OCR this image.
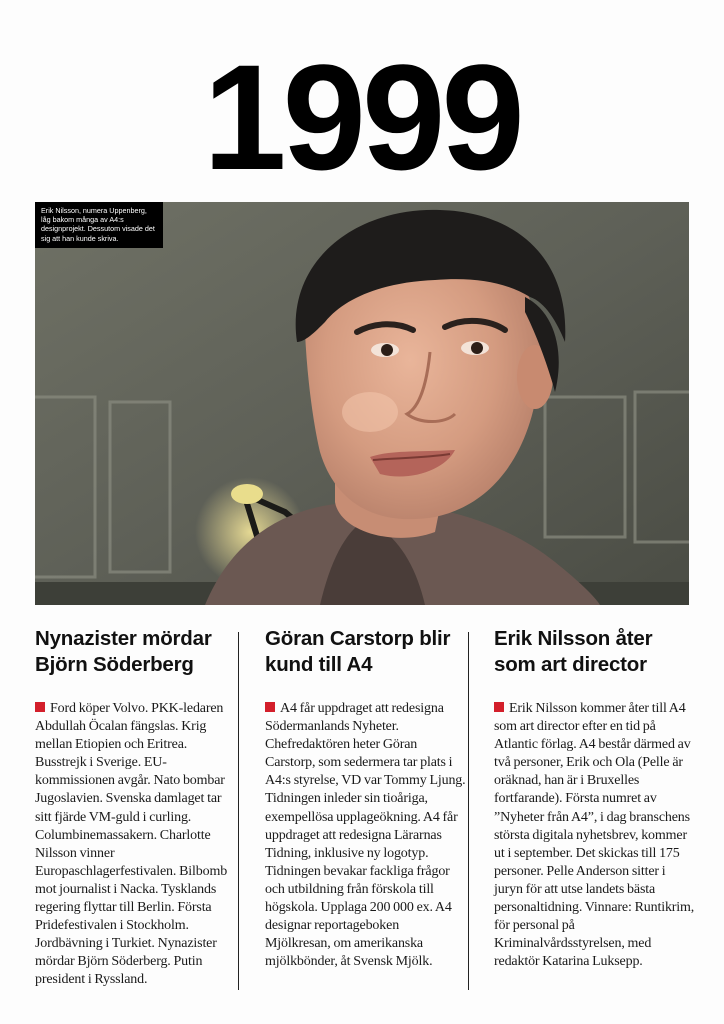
1999
Erik Nilsson, numera Uppenberg, låg bakom många av A4:s designprojekt. Dessutom visade det sig att han kunde skriva.
Nynazister mördar Björn Söderberg

Ford köper Volvo. PKK-ledaren Abdullah Öcalan fängslas. Krig mellan Etiopien och Eritrea. Busstrejk i Sverige. EU-kommissionen avgår. Nato bombar Jugoslavien. Svenska damlaget tar sitt fjärde VM-guld i curling. Columbinemassakern. Charlotte Nilsson vinner Europaschlagerfestivalen. Bilbomb mot journalist i Nacka. Tysklands regering flyttar till Berlin. Första Pridefestivalen i Stockholm. Jordbävning i Turkiet. Nynazister mördar Björn Söderberg. Putin president i Ryssland.

Göran Carstorp blir kund till A4

A4 får uppdraget att redesigna Södermanlands Nyheter. Chefredaktören heter Göran Carstorp, som sedermera tar plats i A4:s styrelse, VD var Tommy Ljung. Tidningen inleder sin tioåriga, exempellösa upplageökning. A4 får uppdraget att redesigna Lärarnas Tidning, inklusive ny logotyp. Tidningen bevakar fackliga frågor och utbildning från förskola till högskola. Upplaga 200 000 ex. A4 designar reportageboken Mjölkresan, om amerikanska mjölkbönder, åt Svensk Mjölk.

Erik Nilsson åter som art director

Erik Nilsson kommer åter till A4 som art director efter en tid på Atlantic förlag. A4 består därmed av två personer, Erik och Ola (Pelle är oräknad, han är i Bruxelles fortfarande). Första numret av ”Nyheter från A4”, i dag branschens största digitala nyhetsbrev, kommer ut i september. Det skickas till 175 personer. Pelle Anderson sitter i juryn för att utse landets bästa personaltidning. Vinnare: Runtikrim, för personal på Kriminalvårdsstyrelsen, med redaktör Katarina Luksepp.
